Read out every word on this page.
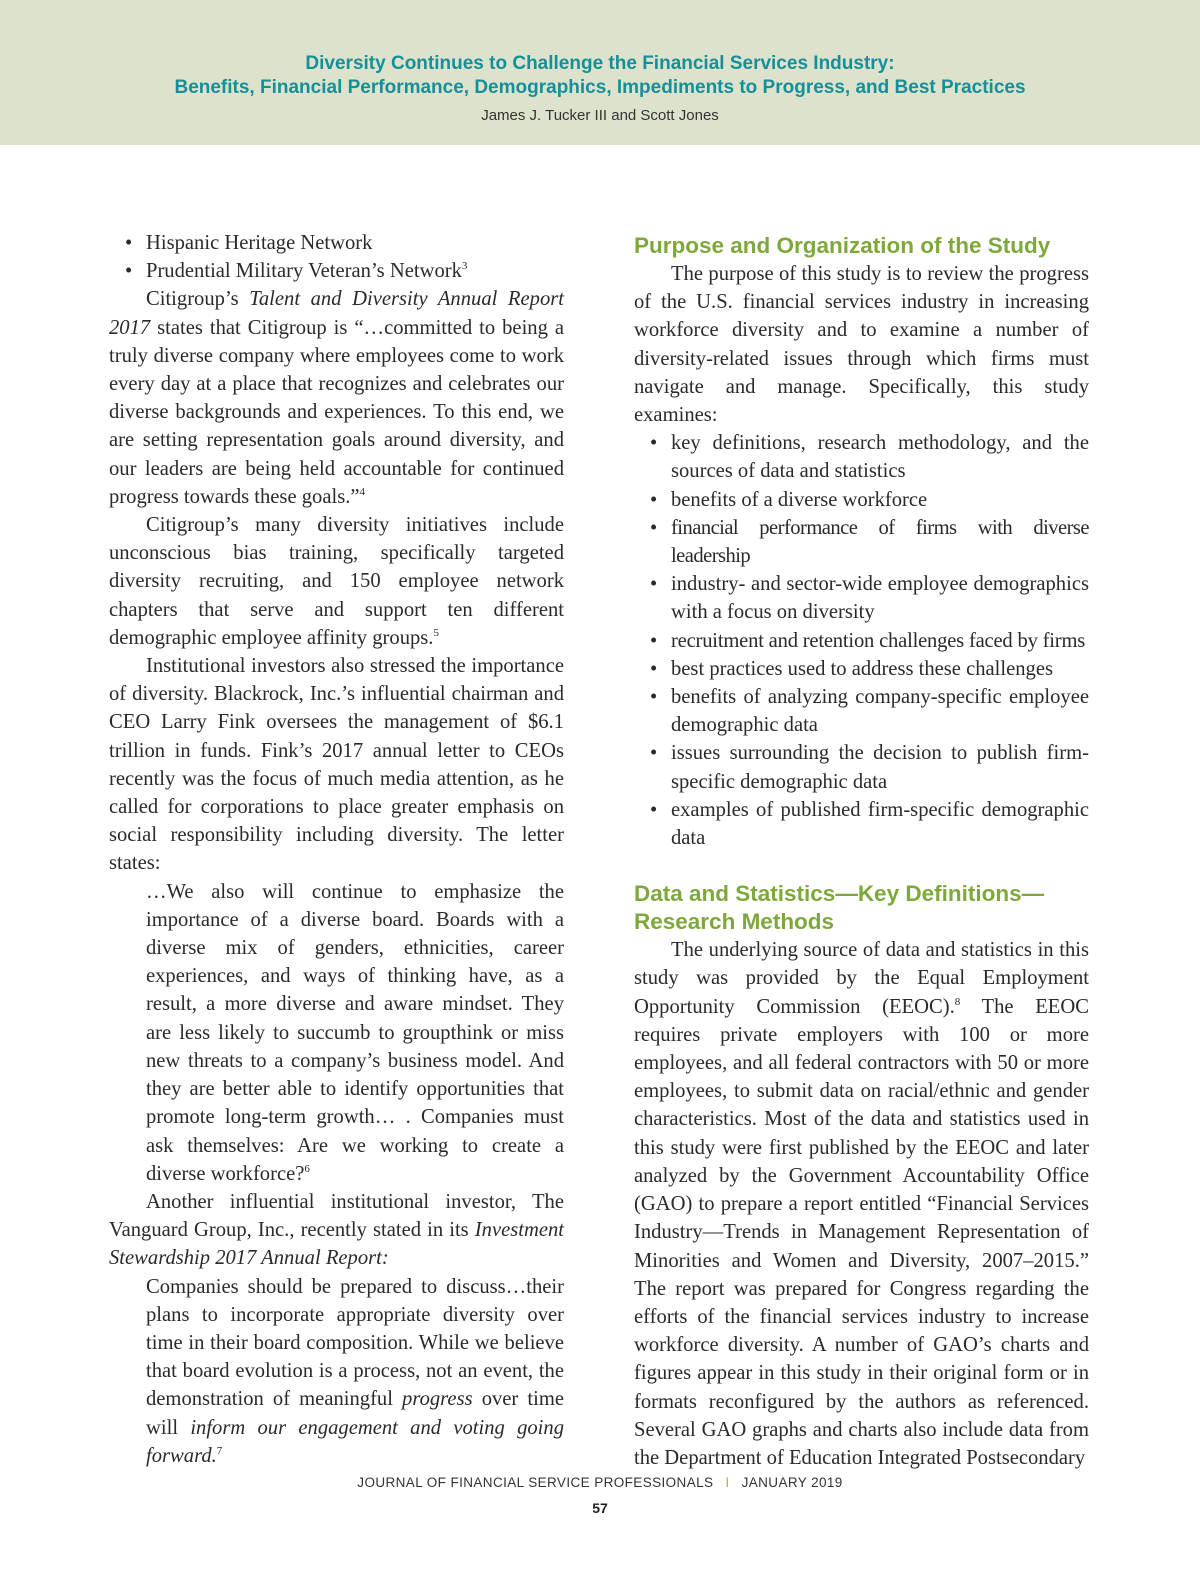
Diversity Continues to Challenge the Financial Services Industry:
Benefits, Financial Performance, Demographics, Impediments to Progress, and Best Practices
James J. Tucker III and Scott Jones
• Hispanic Heritage Network
• Prudential Military Veteran’s Network$^3$

Citigroup’s Talent and Diversity Annual Report 2017 states that Citigroup is “…committed to being a truly diverse company where employees come to work every day at a place that recognizes and celebrates our diverse backgrounds and experiences. To this end, we are setting representation goals around diversity, and our leaders are being held accountable for continued progress towards these goals.”$^4$

Citigroup’s many diversity initiatives include unconscious bias training, specifically targeted diversity recruiting, and 150 employee network chapters that serve and support ten different demographic employee affinity groups.$^5$

Institutional investors also stressed the importance of diversity. Blackrock, Inc.’s influential chairman and CEO Larry Fink oversees the management of $6.1 trillion in funds. Fink’s 2017 annual letter to CEOs recently was the focus of much media attention, as he called for corporations to place greater emphasis on social responsibility including diversity. The letter states:

…We also will continue to emphasize the importance of a diverse board. Boards with a diverse mix of genders, ethnicities, career experiences, and ways of thinking have, as a result, a more diverse and aware mindset. They are less likely to succumb to groupthink or miss new threats to a company’s business model. And they are better able to identify opportunities that promote long-term growth… . Companies must ask themselves: Are we working to create a diverse workforce?$^6$

Another influential institutional investor, The Vanguard Group, Inc., recently stated in its Investment Stewardship 2017 Annual Report:

Companies should be prepared to discuss…their plans to incorporate appropriate diversity over time in their board composition. While we believe that board evolution is a process, not an event, the demonstration of meaningful progress over time will inform our engagement and voting going forward.$^7$

Purpose and Organization of the Study

The purpose of this study is to review the progress of the U.S. financial services industry in increasing workforce diversity and to examine a number of diversity-related issues through which firms must navigate and manage. Specifically, this study examines:

• key definitions, research methodology, and the sources of data and statistics
• benefits of a diverse workforce
• financial performance of firms with diverse leadership
• industry- and sector-wide employee demographics with a focus on diversity
• recruitment and retention challenges faced by firms
• best practices used to address these challenges
• benefits of analyzing company-specific employee demographic data
• issues surrounding the decision to publish firm-specific demographic data
• examples of published firm-specific demographic data
Data and Statistics—Key Definitions—
Research Methods

The underlying source of data and statistics in this study was provided by the Equal Employment Opportunity Commission (EEOC).$^8$ The EEOC requires private employers with 100 or more employees, and all federal contractors with 50 or more employees, to submit data on racial/ethnic and gender characteristics. Most of the data and statistics used in this study were first published by the EEOC and later analyzed by the Government Accountability Office (GAO) to prepare a report entitled “Financial Services Industry—Trends in Management Representation of Minorities and Women and Diversity, 2007–2015.” The report was prepared for Congress regarding the efforts of the financial services industry to increase workforce diversity. A number of GAO’s charts and figures appear in this study in their original form or in formats reconfigured by the authors as referenced. Several GAO graphs and charts also include data from the Department of Education Integrated Postsecondary

JOURNAL OF FINANCIAL SERVICE PROFESSIONALS I JANUARY 2019
57
